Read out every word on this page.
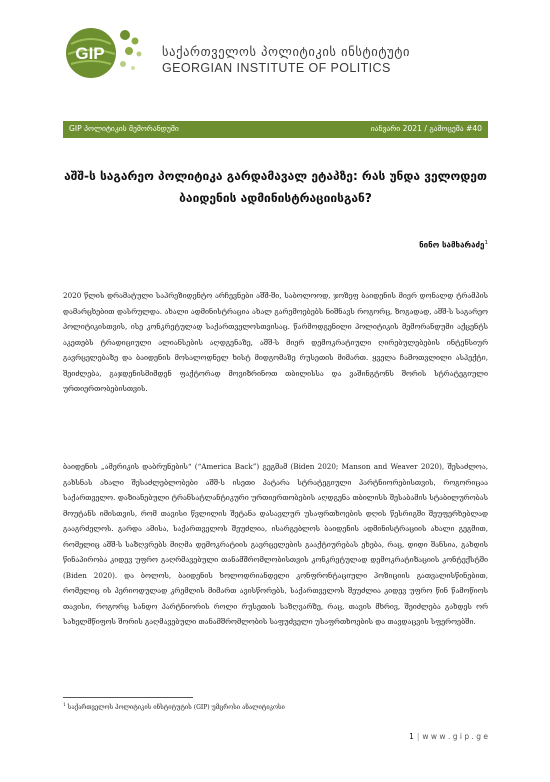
GIP	საქართველოს პოლიტიკის ინსტიტუტი
GEORGIAN INSTITUTE OF POLITICS
GIP პოლიტიკის მემორანდუმი	იანვარი 2021 / გამოცემა #40
აშშ-ს საგარეო პოლიტიკა გარდამავალ ეტაპზე: რას უნდა ველოდეთ ბაიდენის ადმინისტრაციისგან?
ნინო სამხარაძე$^1$
2020 წლის დრამატული საპრეზიდენტო არჩევნები აშშ-ში, საბოლოოდ, ჯოზეფ ბაიდენის მიერ დონალდ ტრამპის დამარცხებით დასრულდა. ახალი ადმინისტრაცია ახალ გარემოებებს ნიშნავს როგორც, ზოგადად, აშშ-ს საგარეო პოლიტიკისთვის, ისე კონკრეტულად საქართველოსთვისაც. წარმოდგენილი პოლიტიკის მემორანდუმი აქცენტს აკეთებს ტრადიციული ალიანსების აღდგენაზე, აშშ-ს მიერ დემოკრატიული ღირებულებების ინტენსიურ გავრცელებაზე და ბაიდენის მოსალოდნელ ხისტ მიდგომაზე რუსეთის მიმართ. ყველა ჩამოთვლილი ასპექტი, შეიძლება, გაჯდენისმიმდენ ფაქტორად მოვიზრინოთ თბილისსა და ვაშინგტონს შორის სტრატეგიული ურთიერთობებისთვის.
ბაიდენის „ამერიკის დაბრუნების“ (“America Back”) გეგმამ (Biden 2020; Manson and Weaver 2020), შესაძლოა, გახსნას ახალი შესაძლებლობები აშშ-ს ისეთი პატარა სტრატეგიული პარტნიორებისთვის, როგორიცაა საქართველო. დაზიანებული ტრანსატლანტიკური ურთიერთობების აღდგენა თბილისს შესაბამის სტაბილურობას მოუტანს იმისთვის, რომ თავისი წვლილის შეტანა დასავლურ უსაფრთხოების დღის წესრიგში შეუფერხებლად გააგრძელოს. გარდა ამისა, საქართველოს შეუძლია, ისარგებლოს ბაიდენის ადმინისტრაციის ახალი გეგმით, რომელიც აშშ-ს საზღვრებს მიღმა დემოკრატიის გავრცელების გააქტიურებას ეხება, რაც, დიდი შანსია, გახდის წინაპირობა კიდევ უფრო გაღრმავებული თანამშრომლობისთვის კონკრეტულად დემოკრატიზაციის კონტექსტში (Biden 2020). და ბოლოს, ბაიდენის ხოლოდრიანდელი კონფრონტაციული პოზიციის გათვალისწინებით, რომელიც ის პერიოდულად კრემლის მიმართ ავისწორებს, საქართველოს შეუძლია კიდევ უფრო წინ წამოწიოს თავისი, როგორც სანდო პარტნიორის როლი რუსეთის საზღვარზე, რაც, თავის მხრივ, შეიძლება გახდეს ორ სახელმწიფოს შორის გაღმავებული თანამშრომლობის საფუძველი უსაფრთხოების და თავდაცვის სფეროებში.
$^1$ საქართველოს პოლიტიკის ინსტიტუტის (GIP) უმცროსი ანალიტიკოსი
1 | w w w . g i p . g e
